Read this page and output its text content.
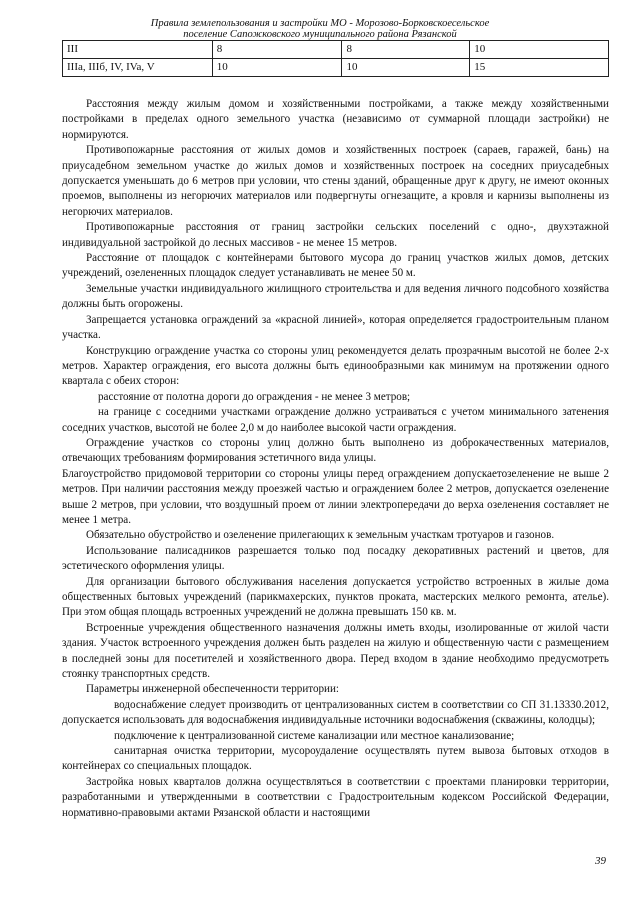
Правила землепользования и застройки МО - Морозово-Борковскоесельское
поселение Сапожковского муниципального района Рязанской
III	8	8	10
IIIa, IIIб, IV, IVa, V	10	10	15

Расстояния между жилым домом и хозяйственными постройками, а также между хозяйственными постройками в пределах одного земельного участка (независимо от суммарной площади застройки) не нормируются.

Противопожарные расстояния от жилых домов и хозяйственных построек (сараев, гаражей, бань) на приусадебном земельном участке до жилых домов и хозяйственных построек на соседних приусадебных допускается уменьшать до 6 метров при условии, что стены зданий, обращенные друг к другу, не имеют оконных проемов, выполнены из негорючих материалов или подвергнуты огнезащите, а кровля и карнизы выполнены из негорючих материалов.

Противопожарные расстояния от границ застройки сельских поселений с одно-, двухэтажной индивидуальной застройкой до лесных массивов - не менее 15 метров.

Расстояние от площадок с контейнерами бытового мусора до границ участков жилых домов, детских учреждений, озелененных площадок следует устанавливать не менее 50 м.

Земельные участки индивидуального жилищного строительства и для ведения личного подсобного хозяйства должны быть огорожены.

Запрещается установка ограждений за «красной линией», которая определяется градостроительным планом участка.

Конструкцию ограждение участка со стороны улиц рекомендуется делать прозрачным высотой не более 2-х метров. Характер ограждения, его высота должны быть единообразными как минимум на протяжении одного квартала с обеих сторон:

расстояние от полотна дороги до ограждения - не менее 3 метров;

на границе с соседними участками ограждение должно устраиваться с учетом минимального затенения соседних участков, высотой не более 2,0 м до наиболее высокой части ограждения.

Ограждение участков со стороны улиц должно быть выполнено из доброкачественных материалов, отвечающих требованиям формирования эстетичного вида улицы.

Благоустройство придомовой территории со стороны улицы перед ограждением допускаетозеленение не выше 2 метров. При наличии расстояния между проезжей частью и ограждением более 2 метров, допускается озеленение выше 2 метров, при условии, что воздушный проем от линии электропередачи до верха озеленения составляет не менее 1 метра.

Обязательно обустройство и озеленение прилегающих к земельным участкам тротуаров и газонов.

Использование палисадников разрешается только под посадку декоративных растений и цветов, для эстетического оформления улицы.

Для организации бытового обслуживания населения допускается устройство встроенных в жилые дома общественных бытовых учреждений (парикмахерских, пунктов проката, мастерских мелкого ремонта, ателье). При этом общая площадь встроенных учреждений не должна превышать 150 кв. м.

Встроенные учреждения общественного назначения должны иметь входы, изолированные от жилой части здания. Участок встроенного учреждения должен быть разделен на жилую и общественную части с размещением в последней зоны для посетителей и хозяйственного двора. Перед входом в здание необходимо предусмотреть стоянку транспортных средств.

Параметры инженерной обеспеченности территории:

водоснабжение следует производить от централизованных систем в соответствии со СП 31.13330.2012, допускается использовать для водоснабжения индивидуальные источники водоснабжения (скважины, колодцы);

подключение к централизованной системе канализации или местное канализование;

санитарная очистка территории, мусороудаление осуществлять путем вывоза бытовых отходов в контейнерах со специальных площадок.

Застройка новых кварталов должна осуществляться в соответствии с проектами планировки территории, разработанными и утвержденными в соответствии с Градостроительным кодексом Российской Федерации, нормативно-правовыми актами Рязанской области и настоящими

39
